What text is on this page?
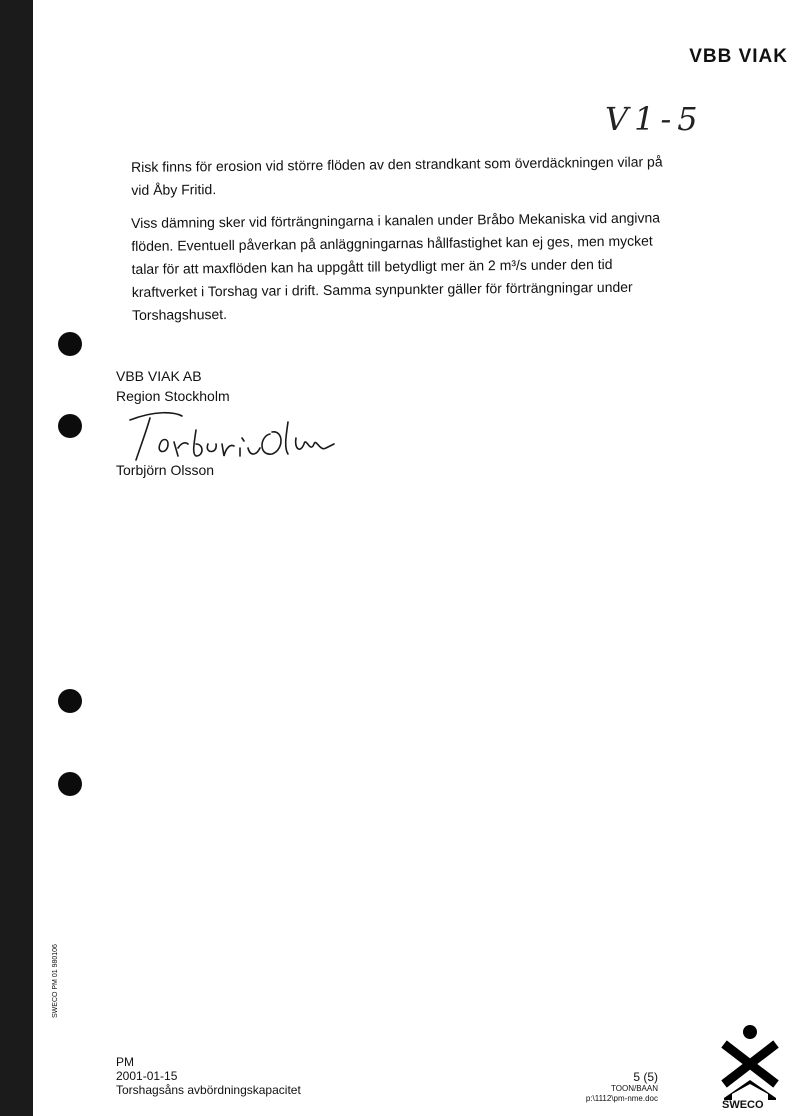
VBB VIAK
V1-5

Risk finns för erosion vid större flöden av den strandkant som överdäckningen vilar på vid Åby Fritid.

Viss dämning sker vid förträngningarna i kanalen under Bråbo Mekaniska vid angivna flöden. Eventuell påverkan på anläggningarnas hållfastighet kan ej ges, men mycket talar för att maxflöden kan ha uppgått till betydligt mer än 2 m³/s under den tid kraftverket i Torshag var i drift. Samma synpunkter gäller för förträngningar under Torshagshuset.

VBB VIAK AB
Region Stockholm
Torbjörn Olsson
SWECO PM 01 980106
PM
2001-01-15
Torshagsåns avbördningskapacitet
5 (5)
TOON/BAAN
p:\1112\pm-nme.doc
SWECO
